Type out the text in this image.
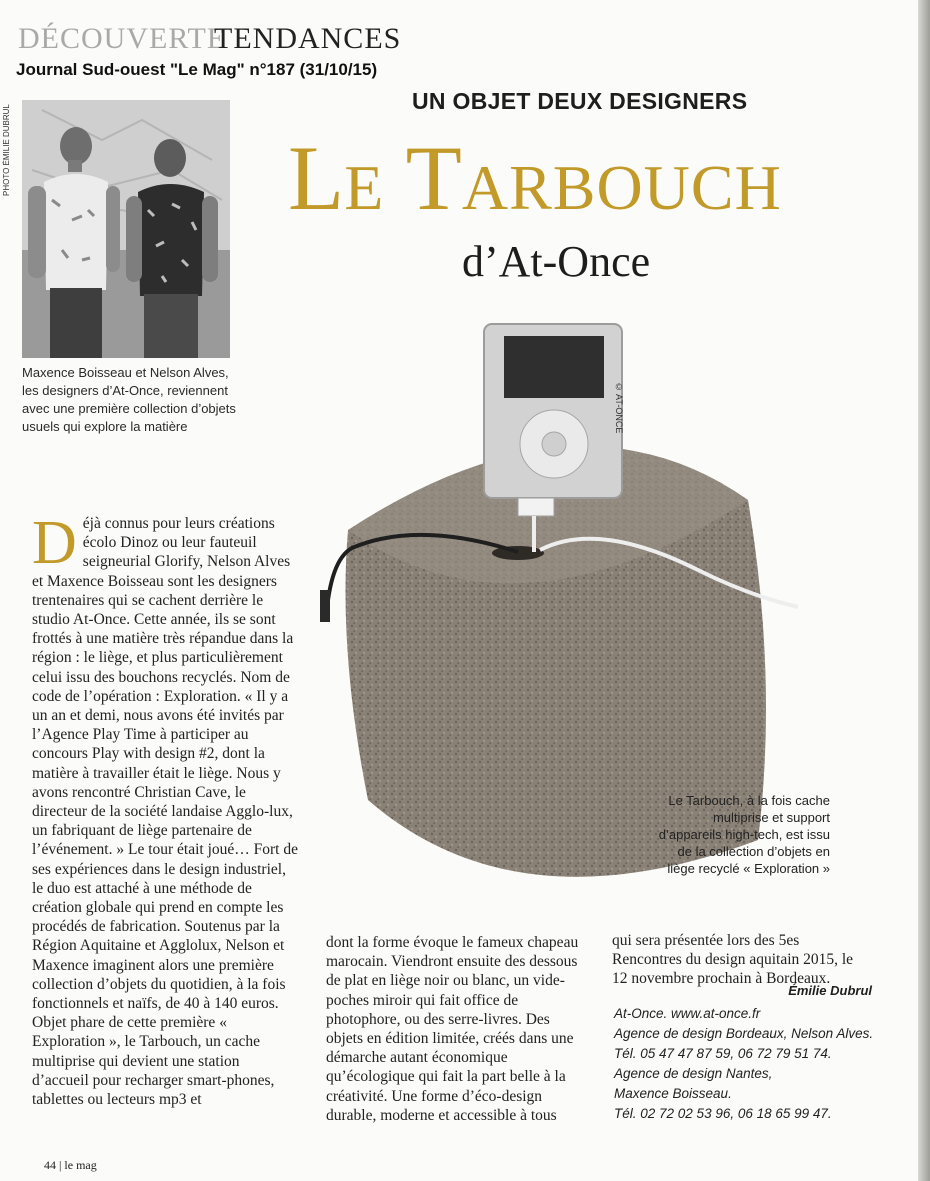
DÉCOUVERTE
TENDANCES
Journal Sud-ouest "Le Mag" n°187 (31/10/15)
UN OBJET DEUX DESIGNERS
LE TARBOUCH
d’At-Once
PHOTO ÉMILIE DUBRUL
Maxence Boisseau et Nelson Alves, les designers d’At-Once, reviennent avec une première collection d’objets usuels qui explore la matière	© AT-ONCE
Le Tarbouch, à la fois cache multiprise et support d’appareils high-tech, est issu de la collection d’objets en liège recyclé « Exploration »
Déjà connus pour leurs créations écolo Dinoz ou leur fauteuil seigneurial Glorify, Nelson Alves et Maxence Boisseau sont les designers trentenaires qui se cachent derrière le studio At-Once. Cette année, ils se sont frottés à une matière très répandue dans la région : le liège, et plus particulièrement celui issu des bouchons recyclés. Nom de code de l’opération : Exploration. « Il y a un an et demi, nous avons été invités par l’Agence Play Time à participer au concours Play with design #2, dont la matière à travailler était le liège. Nous y avons rencontré Christian Cave, le directeur de la société landaise Agglo-lux, un fabriquant de liège partenaire de l’événement. » Le tour était joué… Fort de ses expériences dans le design industriel, le duo est attaché à une méthode de création globale qui prend en compte les procédés de fabrication. Soutenus par la Région Aquitaine et Agglolux, Nelson et Maxence imaginent alors une première collection d’objets du quotidien, à la fois fonctionnels et naïfs, de 40 à 140 euros. Objet phare de cette première « Exploration », le Tarbouch, un cache multiprise qui devient une station d’accueil pour recharger smart-phones, tablettes ou lecteurs mp3 et
dont la forme évoque le fameux chapeau marocain. Viendront ensuite des dessous de plat en liège noir ou blanc, un vide-poches miroir qui fait office de photophore, ou des serre-livres. Des objets en édition limitée, créés dans une démarche autant économique qu’écologique qui fait la part belle à la créativité. Une forme d’éco-design durable, moderne et accessible à tous
qui sera présentée lors des 5es Rencontres du design aquitain 2015, le 12 novembre prochain à Bordeaux.
Émilie Dubrul
At-Once. www.at-once.fr
Agence de design Bordeaux, Nelson Alves.
Tél. 05 47 47 87 59, 06 72 79 51 74.
Agence de design Nantes,
Maxence Boisseau.
Tél. 02 72 02 53 96, 06 18 65 99 47.
44 | le mag
